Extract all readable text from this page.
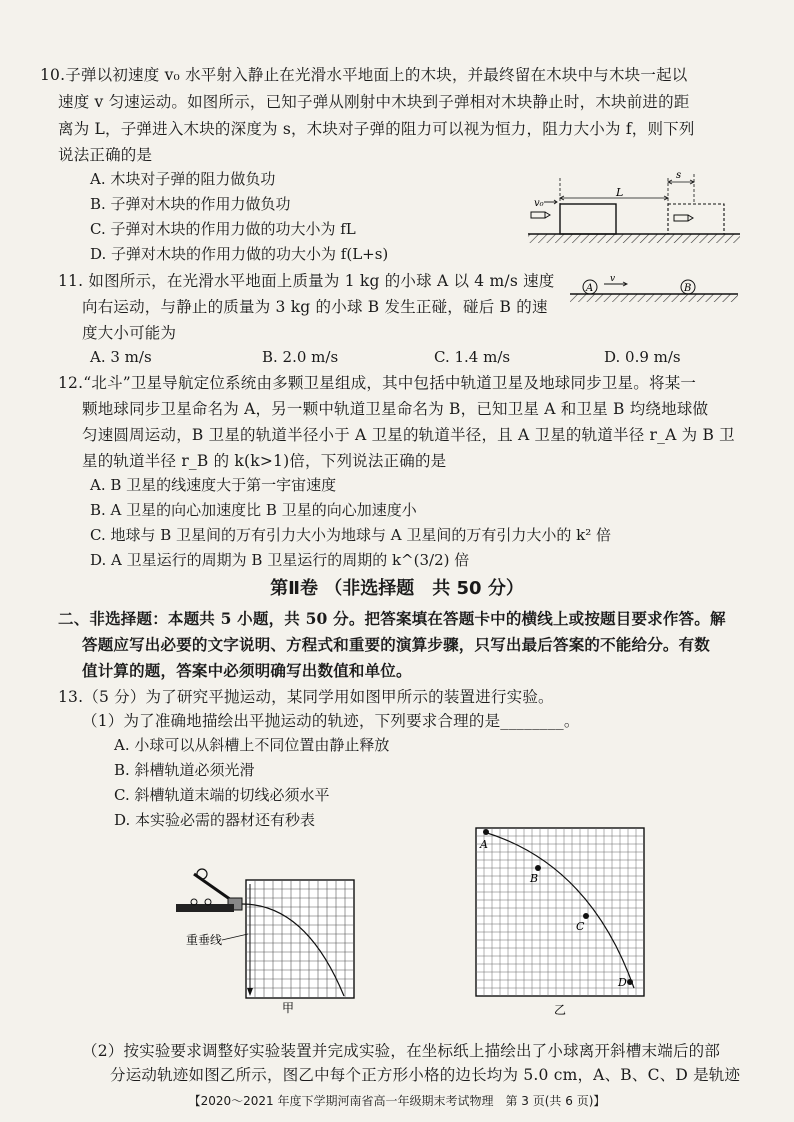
10.子弹以初速度 v₀ 水平射入静止在光滑水平地面上的木块，并最终留在木块中与木块一起以
速度 v 匀速运动。如图所示，已知子弹从刚射中木块到子弹相对木块静止时，木块前进的距
离为 L，子弹进入木块的深度为 s，木块对子弹的阻力可以视为恒力，阻力大小为 f，则下列
说法正确的是
A. 木块对子弹的阻力做负功
B. 子弹对木块的作用力做负功
C. 子弹对木块的作用力做的功大小为 fL
D. 子弹对木块的作用力做的功大小为 f(L+s)
v₀
L
s
11. 如图所示，在光滑水平地面上质量为 1 kg 的小球 A 以 4 m/s 速度
向右运动，与静止的质量为 3 kg 的小球 B 发生正碰，碰后 B 的速
度大小可能为
A
v
B
A. 3 m/s	B. 2.0 m/s	C. 1.4 m/s	D. 0.9 m/s
12.“北斗”卫星导航定位系统由多颗卫星组成，其中包括中轨道卫星及地球同步卫星。将某一
颗地球同步卫星命名为 A，另一颗中轨道卫星命名为 B，已知卫星 A 和卫星 B 均绕地球做
匀速圆周运动，B 卫星的轨道半径小于 A 卫星的轨道半径，且 A 卫星的轨道半径 r_A 为 B 卫
星的轨道半径 r_B 的 k(k>1)倍，下列说法正确的是
A. B 卫星的线速度大于第一宇宙速度
B. A 卫星的向心加速度比 B 卫星的向心加速度小
C. 地球与 B 卫星间的万有引力大小为地球与 A 卫星间的万有引力大小的 k² 倍
D. A 卫星运行的周期为 B 卫星运行的周期的 k^(3/2) 倍
第Ⅱ卷 （非选择题　共 50 分）
二、非选择题：本题共 5 小题，共 50 分。把答案填在答题卡中的横线上或按题目要求作答。解
答题应写出必要的文字说明、方程式和重要的演算步骤，只写出最后答案的不能给分。有数
值计算的题，答案中必须明确写出数值和单位。
13.（5 分）为了研究平抛运动，某同学用如图甲所示的装置进行实验。
（1）为了准确地描绘出平抛运动的轨迹，下列要求合理的是________。
A. 小球可以从斜槽上不同位置由静止释放
B. 斜槽轨道必须光滑
C. 斜槽轨道末端的切线必须水平
D. 本实验必需的器材还有秒表
重垂线
甲
A
B
C
D
乙
（2）按实验要求调整好实验装置并完成实验，在坐标纸上描绘出了小球离开斜槽末端后的部
分运动轨迹如图乙所示，图乙中每个正方形小格的边长均为 5.0 cm，A、B、C、D 是轨迹
【2020～2021 年度下学期河南省高一年级期末考试物理　第 3 页(共 6 页)】
